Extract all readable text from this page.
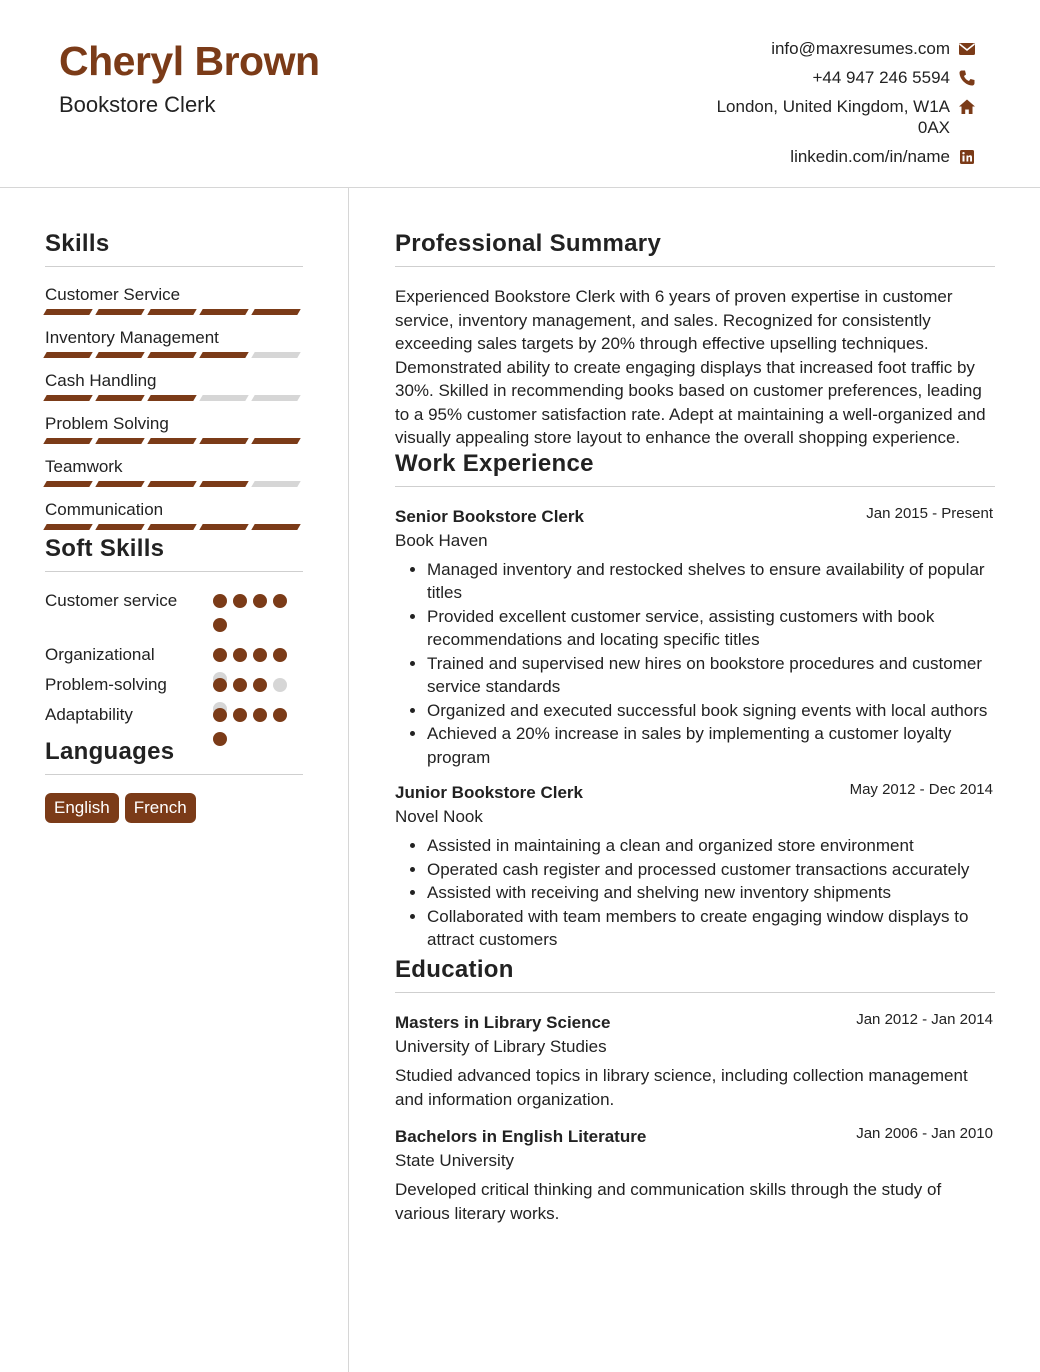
Cheryl Brown
Bookstore Clerk
info@maxresumes.com
+44 947 246 5594
London, United Kingdom, W1A 0AX
linkedin.com/in/name
Skills
Customer Service
Inventory Management
Cash Handling
Problem Solving
Teamwork
Communication
Soft Skills
Customer service
Organizational
Problem-solving
Adaptability
Languages
English	French
Professional Summary

Experienced Bookstore Clerk with 6 years of proven expertise in customer service, inventory management, and sales. Recognized for consistently exceeding sales targets by 20% through effective upselling techniques. Demonstrated ability to create engaging displays that increased foot traffic by 30%. Skilled in recommending books based on customer preferences, leading to a 95% customer satisfaction rate. Adept at maintaining a well-organized and visually appealing store layout to enhance the overall shopping experience.

Work Experience
Senior Bookstore Clerk	Jan 2015 - Present
Book Haven
• Managed inventory and restocked shelves to ensure availability of popular titles
• Provided excellent customer service, assisting customers with book recommendations and locating specific titles
• Trained and supervised new hires on bookstore procedures and customer service standards
• Organized and executed successful book signing events with local authors
• Achieved a 20% increase in sales by implementing a customer loyalty program
Junior Bookstore Clerk	May 2012 - Dec 2014
Novel Nook
• Assisted in maintaining a clean and organized store environment
• Operated cash register and processed customer transactions accurately
• Assisted with receiving and shelving new inventory shipments
• Collaborated with team members to create engaging window displays to attract customers
Education
Masters in Library Science	Jan 2012 - Jan 2014
University of Library Studies
Studied advanced topics in library science, including collection management and information organization.
Bachelors in English Literature	Jan 2006 - Jan 2010
State University
Developed critical thinking and communication skills through the study of various literary works.
